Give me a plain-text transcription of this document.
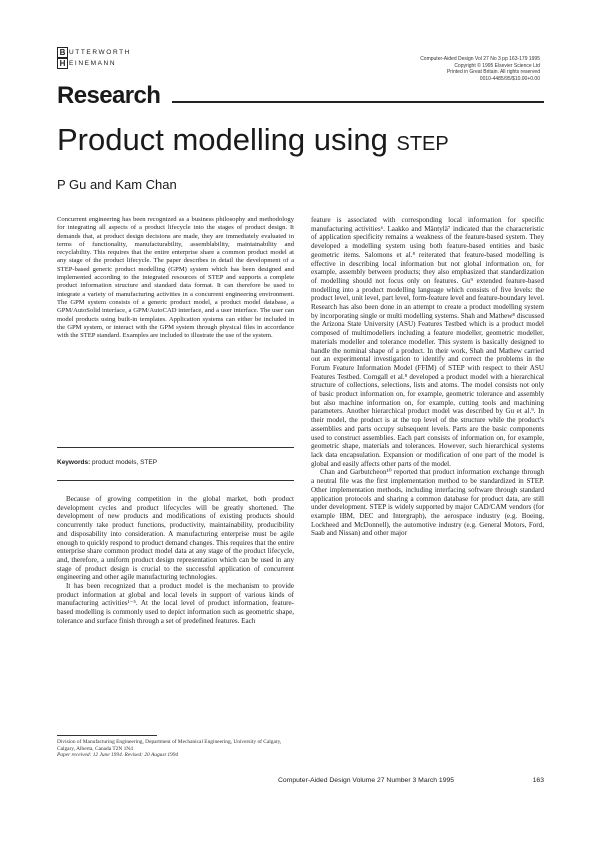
B UTTERWORTH
H EINEMANN
Computer-Aided Design Vol 27 No 3 pp 163-179 1995
Copyright © 1995 Elsevier Science Ltd
Printed in Great Britain. All rights reserved
0010-4485/95/$10.00+0.00
Research
Product modelling using STEP
P Gu and Kam Chan

Concurrent engineering has been recognized as a business philosophy and methodology for integrating all aspects of a product lifecycle into the stages of product design. It demands that, at product design decisions are made, they are immediately evaluated in terms of functionality, manufacturability, assemblability, maintainability and recyclability. This requires that the entire enterprise share a common product model at any stage of the product lifecycle. The paper describes in detail the development of a STEP-based generic product modelling (GPM) system which has been designed and implemented according to the integrated resources of STEP and supports a complete product information structure and standard data format. It can therefore be used to integrate a variety of manufacturing activities in a concurrent engineering environment. The GPM system consists of a generic product model, a product model database, a GPM/AutoSolid interface, a GPM/AutoCAD interface, and a user interface. The user can model products using built-in templates. Application systems can either be included in the GPM system, or interact with the GPM system through physical files in accordance with the STEP standard. Examples are included to illustrate the use of the system.

Keywords: product models, STEP

Because of growing competition in the global market, both product development cycles and product lifecycles will be greatly shortened. The development of new products and modifications of existing products should concurrently take product functions, productivity, maintainability, producibility and disposability into consideration. A manufacturing enterprise must be agile enough to quickly respond to product demand changes. This requires that the entire enterprise share common product model data at any stage of the product lifecycle, and, therefore, a uniform product design representation which can be used in any stage of product design is crucial to the successful application of concurrent engineering and other agile manufacturing technologies.

It has been recognized that a product model is the mechanism to provide product information at global and local levels in support of various kinds of manufacturing activities¹⁻⁵. At the local level of product information, feature-based modelling is commonly used to depict information such as geometric shape, tolerance and surface finish through a set of predefined features. Each

Division of Manufacturing Engineering, Department of Mechanical Engineering, University of Calgary, Calgary, Alberta, Canada T2N 1N4
Paper received: 12 June 1994. Revised: 20 August 1994

feature is associated with corresponding local information for specific manufacturing activities⁶. Laakko and Mäntylä⁷ indicated that the characteristic of application specificity remains a weakness of the feature-based system. They developed a modelling system using both feature-based entities and basic geometric items. Salomons et al.⁸ reiterated that feature-based modelling is effective in describing local information but not global information on, for example, assembly between products; they also emphasized that standardization of modelling should not focus only on features. Gu⁹ extended feature-based modelling into a product modelling language which consists of five levels: the product level, unit level, part level, form-feature level and feature-boundary level. Research has also been done in an attempt to create a product modelling system by incorporating single or multi modelling systems. Shah and Mathew⁸ discussed the Arizona State University (ASU) Features Testbed which is a product model composed of multimodellers including a feature modeller, geometric modeller, materials modeller and tolerance modeller. This system is basically designed to handle the nominal shape of a product. In their work, Shah and Mathew carried out an experimental investigation to identify and correct the problems in the Forum Feature Information Model (FFIM) of STEP with respect to their ASU Features Testbed. Corngall et al.⁸ developed a product model with a hierarchical structure of collections, selections, lists and atoms. The model consists not only of basic product information on, for example, geometric tolerance and assembly but also machine information on, for example, cutting tools and machining parameters. Another hierarchical product model was described by Gu et al.⁹. In their model, the product is at the top level of the structure while the product's assemblies and parts occupy subsequent levels. Parts are the basic components used to construct assemblies. Each part consists of information on, for example, geometric shape, materials and tolerances. However, such hierarchical systems lack data encapsulation. Expansion or modification of one part of the model is global and easily affects other parts of the model.

Chan and Garbutcheon¹⁰ reported that product information exchange through a neutral file was the first implementation method to be standardized in STEP. Other implementation methods, including interfacing software through standard application protocols and sharing a common database for product data, are still under development. STEP is widely supported by major CAD/CAM vendors (for example IBM, DEC and Intergraph), the aerospace industry (e.g. Boeing, Lockheed and McDonnell), the automotive industry (e.g. General Motors, Ford, Saab and Nissan) and other major

Computer-Aided Design Volume 27 Number 3 March 1995	163
